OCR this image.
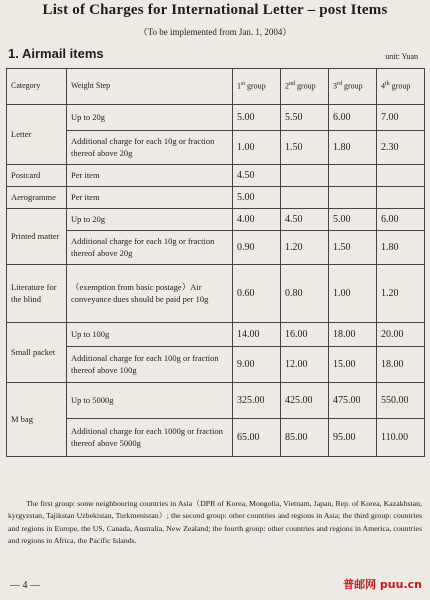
List of Charges for International Letter – post Items
（To be implemented from Jan. 1, 2004）
1. Airmail items	unit: Yuan
Category	Weight Step	1st group	2nd group	3rd group	4th group
Letter	Up to 20g	5.00	5.50	6.00	7.00
	Additional charge for each 10g or fraction thereof above 20g	1.00	1.50	1.80	2.30
Postcard	Per item	4.50			
Aerogramme	Per item	5.00			
Printed matter	Up to 20g	4.00	4.50	5.00	6.00
	Additional charge for each 10g or fraction thereof above 20g	0.90	1.20	1.50	1.80
Literature for the blind	（exemption from basic postage）Air conveyance dues should be paid per 10g	0.60	0.80	1.00	1.20
Small packet	Up to 100g	14.00	16.00	18.00	20.00
	Additional charge for each 100g or fraction thereof above 100g	9.00	12.00	15.00	18.00
M bag	Up to 5000g	325.00	425.00	475.00	550.00
	Additional charge for each 1000g or fraction thereof above 5000g	65.00	85.00	95.00	110.00
The first group: some neighbouring countries in Asia（DPR of Korea, Mongolia, Vietnam, Japan, Rep. of Korea, Kazakhstan, kyrgyzstan, Tajikstan Uzbekistan, Turkmenistan）; the second group: other countries and regions in Asia; the third group: countries and regions in Europe, the US, Canada, Australia, New Zealand; the fourth group: other countries and regions in America, countries and regions in Africa, the Pacific Islands.
— 4 —	普邮网 puu.cn
